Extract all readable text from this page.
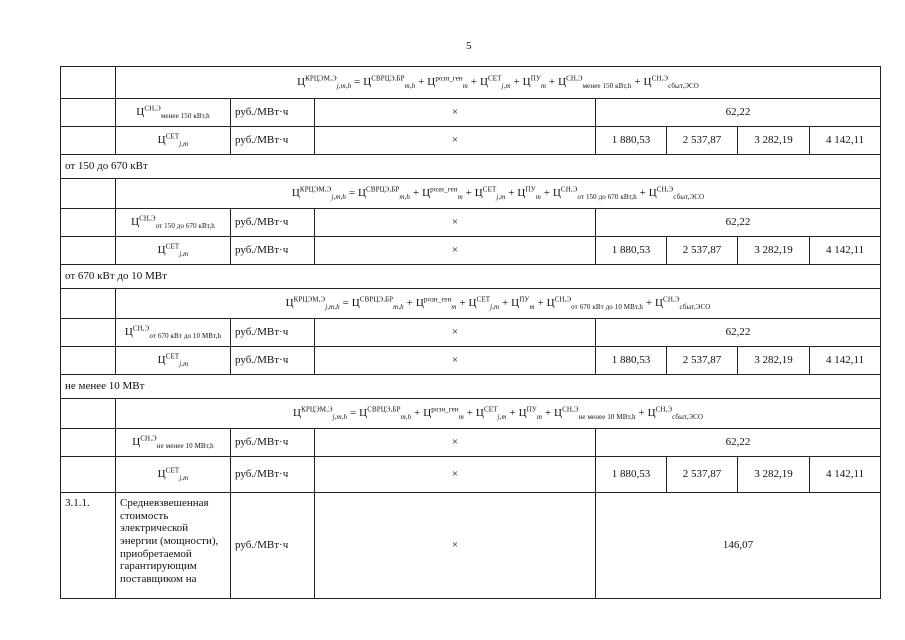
5
	$Ц^{КРЦЭМ,Э}_{j,m,h} = Ц^{СВРЦЭ,БР}_{m,h} + Ц^{розн\_ген}_m + Ц^{СЕТ}_{j,m} + Ц^{ПУ}_m + Ц^{СН,Э}_{менее 150 кВт,h} + Ц^{СН,Э}_{сбыт,ЭСО}$
	$Ц^{СН,Э}_{менее 150 кВт,h}$	руб./МВт·ч	×	62,22			
	$Ц^{СЕТ}_{j,m}$	руб./МВт·ч	×	1 880,53	2 537,87	3 282,19	4 142,11
от 150 до 670 кВт							
	$Ц^{КРЦЭМ,Э}_{j,m,h} = Ц^{СВРЦЭ,БР}_{m,h} + Ц^{розн\_ген}_m + Ц^{СЕТ}_{j,m} + Ц^{ПУ}_m + Ц^{СН,Э}_{от 150 до 670 кВт,h} + Ц^{СН,Э}_{сбыт,ЭСО}$
	$Ц^{СН,Э}_{от 150 до 670 кВт,h}$	руб./МВт·ч	×	62,22			
	$Ц^{СЕТ}_{j,m}$	руб./МВт·ч	×	1 880,53	2 537,87	3 282,19	4 142,11
от 670 кВт до 10 МВт							
	$Ц^{КРЦЭМ,Э}_{j,m,h} = Ц^{СВРЦЭ,БР}_{m,h} + Ц^{розн\_ген}_m + Ц^{СЕТ}_{j,m} + Ц^{ПУ}_m + Ц^{СН,Э}_{от 670 кВт до 10 МВт,h} + Ц^{СН,Э}_{сбыт,ЭСО}$
	$Ц^{СН,Э}_{от 670 кВт до 10 МВт,h}$	руб./МВт·ч	×	62,22			
	$Ц^{СЕТ}_{j,m}$	руб./МВт·ч	×	1 880,53	2 537,87	3 282,19	4 142,11
не менее 10 МВт							
	$Ц^{КРЦЭМ,Э}_{j,m,h} = Ц^{СВРЦЭ,БР}_{m,h} + Ц^{розн\_ген}_m + Ц^{СЕТ}_{j,m} + Ц^{ПУ}_m + Ц^{СН,Э}_{не менее 10 МВт,h} + Ц^{СН,Э}_{сбыт,ЭСО}$
	$Ц^{СН,Э}_{не менее 10 МВт,h}$	руб./МВт·ч	×	62,22			
	$Ц^{СЕТ}_{j,m}$	руб./МВт·ч	×	1 880,53	2 537,87	3 282,19	4 142,11
3.1.1.	Средневзвешенная стоимость электрической энергии (мощности), приобретаемой гарантирующим поставщиком на	руб./МВт·ч	×	146,07			
